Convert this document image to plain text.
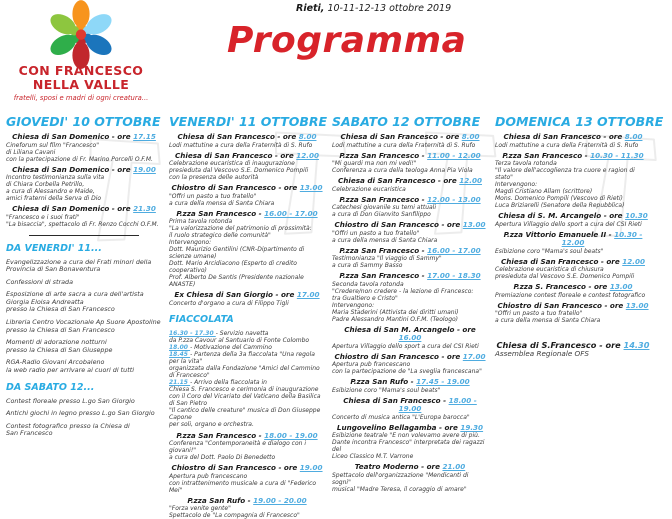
CON FRANCESCO
NELLA VALLE
fratelli, sposi e madri di ogni creatura...
Rieti, 10-11-12-13 ottobre 2019
Programma
GIOVEDI' 10 OTTOBRE
Chiesa di San Domenico - ore 17.15
Cineforum sul film "Francesco"
di Liliana Cavani
con la partecipazione di Fr. Marino Porcelli O.F.M.
Chiesa di San Domenico - ore 19.00
Incontro testimonianza sulla vita
di Chiara Corbella Petrillo,
a cura di Alessandro e Maide,
amici fraterni della Serva di Dio
Chiesa di San Domenico - ore 21.30
"Francesco e i suoi frati"
"La bisaccia", spettacolo di Fr. Renzo Cocchi O.F.M.
DA VENERDI' 11...
Evangelizzazione a cura dei Frati minori della
Provincia di San Bonaventura
Confessioni di strada
Esposizione di arte sacra a cura dell'artista
Giorgia Eloisa Andreatta
presso la Chiesa di San Francesco
Libreria Centro Vocazionale Ap Suore Apostoline
presso la Chiesa di San Francesco
Momenti di adorazione notturni
presso la Chiesa di San Giuseppe
RGA-Radio Giovani Arcobaleno
la web radio per arrivare ai cuori di tutti
DA SABATO 12...
Contest floreale presso L.go San Giorgio
Antichi giochi in legno presso L.go San Giorgio
Contest fotografico presso la Chiesa di
San Francesco
VENERDI' 11 OTTOBRE
Chiesa di San Francesco - ore 8.00
Lodi mattutine a cura della Fraternità di S. Rufo
Chiesa di San Francesco - ore 12.00
Celebrazione eucaristica di inaugurazione
presieduta dal Vescovo S.E. Domenico Pompili
con la presenza delle autorità
Chiostro di San Francesco - ore 13.00
"Offri un pasto a tuo fratello"
a cura della mensa di Santa Chiara
P.zza San Francesco - 16.00 - 17.00
Prima tavola rotonda
"La valorizzazione del patrimonio di prossimità:
il ruolo strategico delle comunità"
Intervengono:
Dott. Maurizio Gentilini (CNR-Dipartimento di scienze umane)
Dott. Mario Arcidiacono (Esperto di credito cooperativo)
Prof. Alberto De Santis (Presidente nazionale ANASTE)
Ex Chiesa di San Giorgio - ore 17.00
Concerto d'organo a cura di Filippo Tigli
FIACCOLATA
16.30 - 17.30 - Servizio navetta
da P.zza Cavour al Santuario di Fonte Colombo
18.00 - Motivazione del Cammino
18.45 - Partenza della 3a fiaccolata "Una regola per la vita"
organizzata dalla Fondazione "Amici del Cammino di Francesco"
21.15 - Arrivo della fiaccolata in
Chiesa S. Francesco e cerimonia di inaugurazione
con il Coro del Vicariato del Vaticano della Basilica di San Pietro
"Il cantico delle creature" musica di Don Giuseppe Capone
per soli, organo e orchestra.
P.zza San Francesco - 18.00 - 19.00
Conferenza "Contemporaneità e dialogo con i giovani!"
a cura del Dott. Paolo Di Benedetto
Chiostro di San Francesco - ore 19.00
Apertura pub francescano
con intrattenimento musicale a cura di "Federico Mei"
P.zza San Rufo - 19.00 - 20.00
"Forza venite gente"
Spettacolo de "La compagnia di Francesco"
SABATO 12 OTTOBRE
Chiesa di San Francesco - ore 8.00
Lodi mattutine a cura della Fraternità di S. Rufo
P.zza San Francesco - 11.00 - 12.00
"Mi guardi ma non mi vedi!"
Conferenza a cura della teologa Anna Pia Viola
Chiesa di San Francesco - ore 12.00
Celebrazione eucaristica
P.zza San Francesco - 12.00 - 13.00
Catechesi giovanile su temi attuali
a cura di Don Gianvito Sanfilippo
Chiostro di San Francesco - ore 13.00
"Offri un pasto a tuo fratello"
a cura della mensa di Santa Chiara
P.zza San Francesco - 16.00 - 17.00
Testimonianza "Il viaggio di Sammy"
a cura di Sammy Basso
P.zza San Francesco - 17.00 - 18.30
Seconda tavola rotonda
"Credere/non credere - la lezione di Francesco:
tra Gualtiero e Cristo"
Intervengono:
Maria Staderini (Attivista dei diritti umani)
Padre Alessandro Mantini O.F.M. (Teologo)
Chiesa di San M. Arcangelo - ore 16.00
Apertura Villaggio dello sport a cura del CSI Rieti
Chiostro di San Francesco - ore 17.00
Apertura pub francescano
con la partecipazione de "La sveglia francescana"
P.zza San Rufo - 17.45 - 19.00
Esibizione coro "Mama's soul beats"
Chiesa di San Francesco - 18.00 - 19.00
Concerto di musica antica "L'Europa barocca"
Lungovelino Bellagamba - ore 19.30
Esibizione teatrale "E non volevamo avere di più.
Dante incontra Francesco" interpretata dei ragazzi del
Liceo Classico M.T. Varrone
Teatro Moderno - ore 21.00
Spettacolo dell'organizzazione "Mendicanti di sogni"
musical "Madre Teresa, il coraggio di amare"
DOMENICA 13 OTTOBRE
Chiesa di San Francesco - ore 8.00
Lodi mattutine a cura della Fraternità di S. Rufo
P.zza San Francesco - 10.30 - 11.30
Terza tavola rotonda
"Il valore dell'accoglienza tra cuore e ragion di stato"
Intervengono:
Magdi Cristiano Allam (scrittore)
Mons. Domenico Pompili (Vescovo di Rieti)
Luca Briziarelli (Senatore della Repubblica)
Chiesa di S. M. Arcangelo - ore 10.30
Apertura Villaggio dello sport a cura del CSI Rieti
P.zza Vittorio Emanuele II - 10.30 - 12.00
Esibizione coro "Mama's soul beats"
Chiesa di San Francesco - ore 12.00
Celebrazione eucaristica di chiusura
presieduta dal Vescovo S.E. Domenico Pompili
P.zza S. Francesco - ore 13.00
Premiazione contest floreale e contest fotografico
Chiostro di San Francesco - ore 13.00
"Offri un pasto a tuo fratello"
a cura della mensa di Santa Chiara
Chiesa di S.Francesco - ore 14.30
Assemblea Regionale OFS
